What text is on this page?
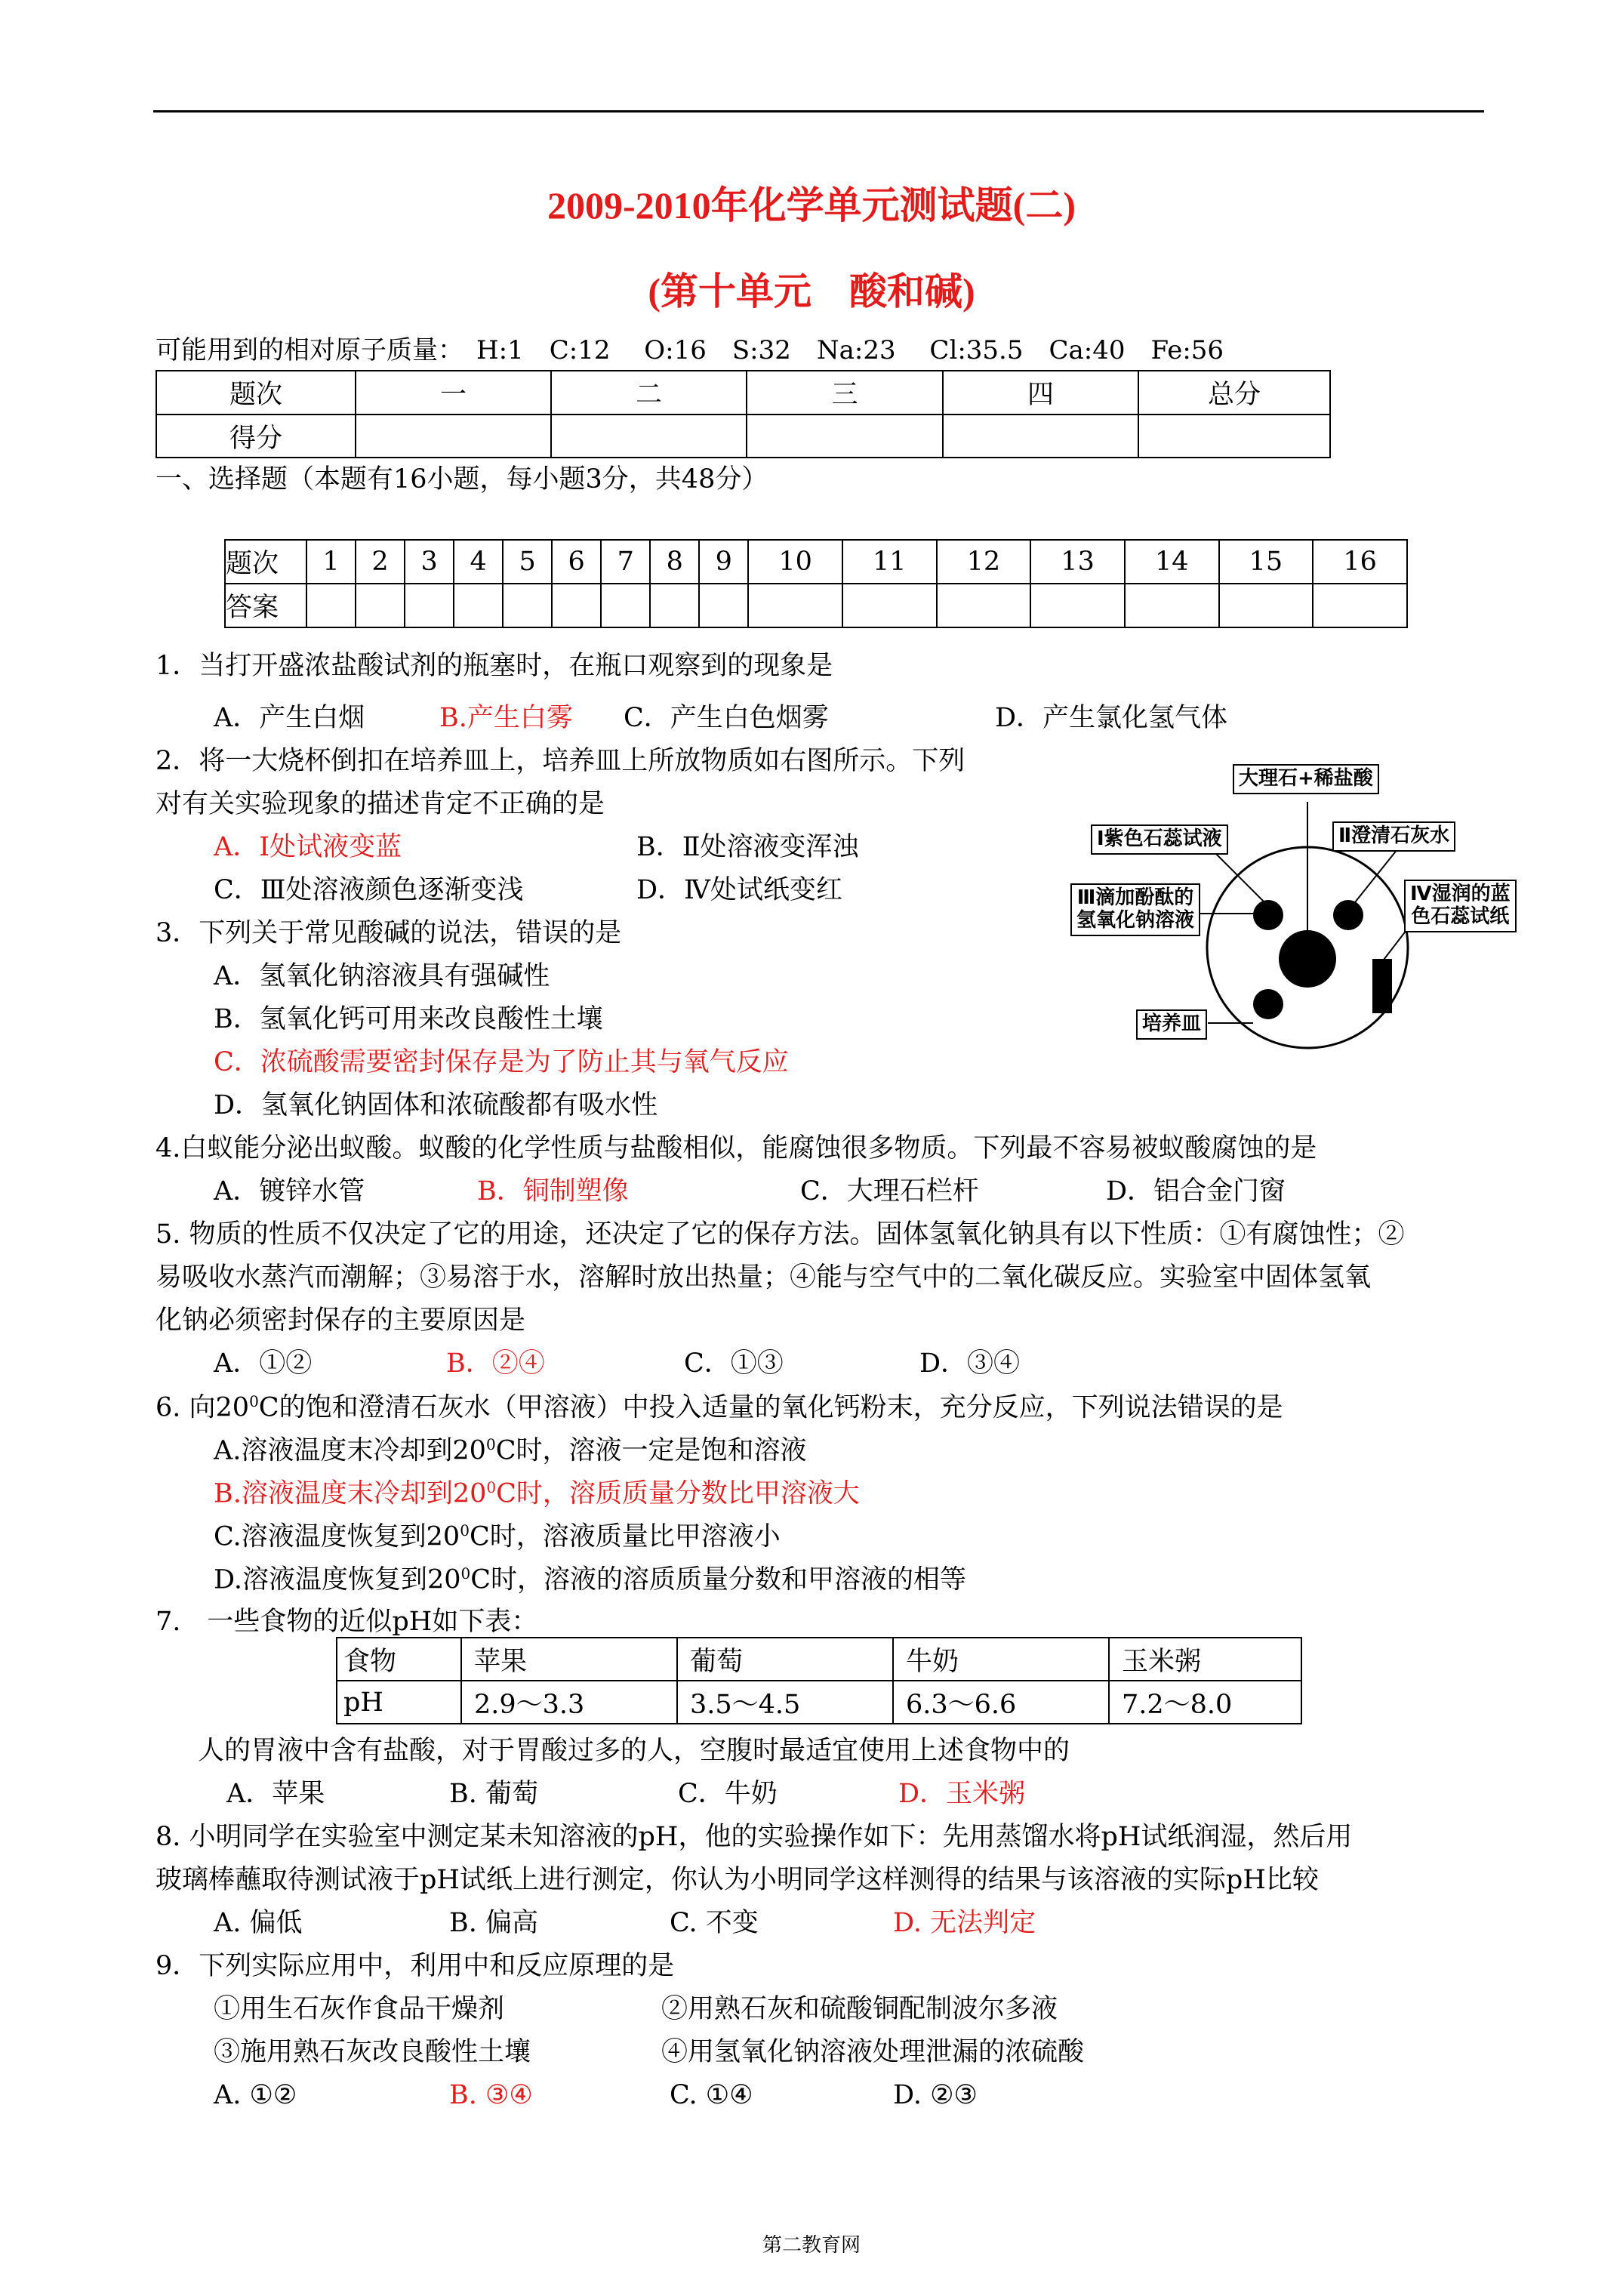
2009-2010年化学单元测试题(二)
(第十单元　酸和碱)
可能用到的相对原子质量：　H:1　C:12　 O:16　S:32　Na:23　 Cl:35.5　Ca:40　Fe:56
题次	一	二	三	四	总分
得分					
一、选择题（本题有16小题，每小题3分，共48分）
题次	1	2	3	4	5	6	7	8	9	10	11	12	13	14	15	16
答案																
1．当打开盛浓盐酸试剂的瓶塞时，在瓶口观察到的现象是
A．产生白烟	B.产生白雾 C．产生白色烟雾	D．产生氯化氢气体
2．将一大烧杯倒扣在培养皿上，培养皿上所放物质如右图所示。下列
对有关实验现象的描述肯定不正确的是
A．Ⅰ处试液变蓝	B．Ⅱ处溶液变浑浊
C．Ⅲ处溶液颜色逐渐变浅	D．Ⅳ处试纸变红
大理石+稀盐酸
Ⅰ紫色石蕊试液	Ⅱ澄清石灰水
Ⅲ滴加酚酞的
氢氧化钠溶液
Ⅳ湿润的蓝
色石蕊试纸
培养皿
3．下列关于常见酸碱的说法，错误的是
A．氢氧化钠溶液具有强碱性
B．氢氧化钙可用来改良酸性土壤
C．浓硫酸需要密封保存是为了防止其与氧气反应
D．氢氧化钠固体和浓硫酸都有吸水性
4.白蚁能分泌出蚁酸。蚁酸的化学性质与盐酸相似，能腐蚀很多物质。下列最不容易被蚁酸腐蚀的是
A．镀锌水管	B．铜制塑像	C．大理石栏杆	D．铝合金门窗
5. 物质的性质不仅决定了它的用途，还决定了它的保存方法。固体氢氧化钠具有以下性质：①有腐蚀性；②
易吸收水蒸汽而潮解；③易溶于水，溶解时放出热量；④能与空气中的二氧化碳反应。实验室中固体氢氧
化钠必须密封保存的主要原因是
A．①②	B．②④	C．①③	D．③④
6. 向$20^0C$的饱和澄清石灰水（甲溶液）中投入适量的氧化钙粉末，充分反应，下列说法错误的是
A.溶液温度末冷却到$20^0C$时，溶液一定是饱和溶液
B.溶液温度末冷却到$20^0C$时，溶质质量分数比甲溶液大
C.溶液温度恢复到$20^0C$时，溶液质量比甲溶液小
D.溶液温度恢复到$20^0C$时，溶液的溶质质量分数和甲溶液的相等
7.　一些食物的近似pH如下表：
食物	苹果	葡萄	牛奶	玉米粥
pH	2.9～3.3	3.5～4.5	6.3～6.6	7.2～8.0
人的胃液中含有盐酸，对于胃酸过多的人，空腹时最适宜使用上述食物中的
A．苹果	B. 葡萄	C．牛奶	D．玉米粥
8. 小明同学在实验室中测定某未知溶液的pH，他的实验操作如下：先用蒸馏水将pH试纸润湿，然后用
玻璃棒蘸取待测试液于pH试纸上进行测定，你认为小明同学这样测得的结果与该溶液的实际pH比较
A. 偏低	B. 偏高	C. 不变	D. 无法判定
9．下列实际应用中，利用中和反应原理的是
①用生石灰作食品干燥剂	②用熟石灰和硫酸铜配制波尔多液
③施用熟石灰改良酸性土壤	④用氢氧化钠溶液处理泄漏的浓硫酸
A. ①②	B. ③④	C. ①④	D. ②③
第二教育网
